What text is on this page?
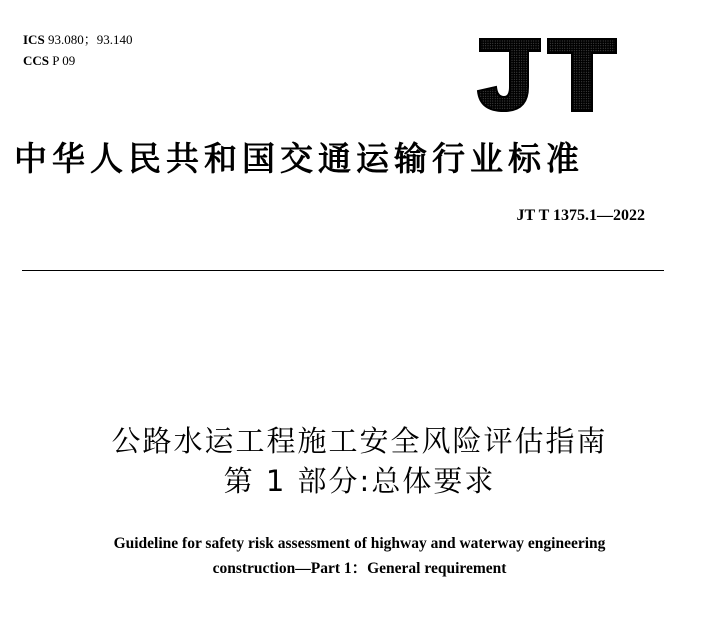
ICS 93.080；93.140
CCS P 09
JT
中华人民共和国交通运输行业标准
JT T 1375.1—2022
公路水运工程施工安全风险评估指南
第 1 部分:总体要求
Guideline for safety risk assessment of highway and waterway engineering
construction—Part 1：General requirement
